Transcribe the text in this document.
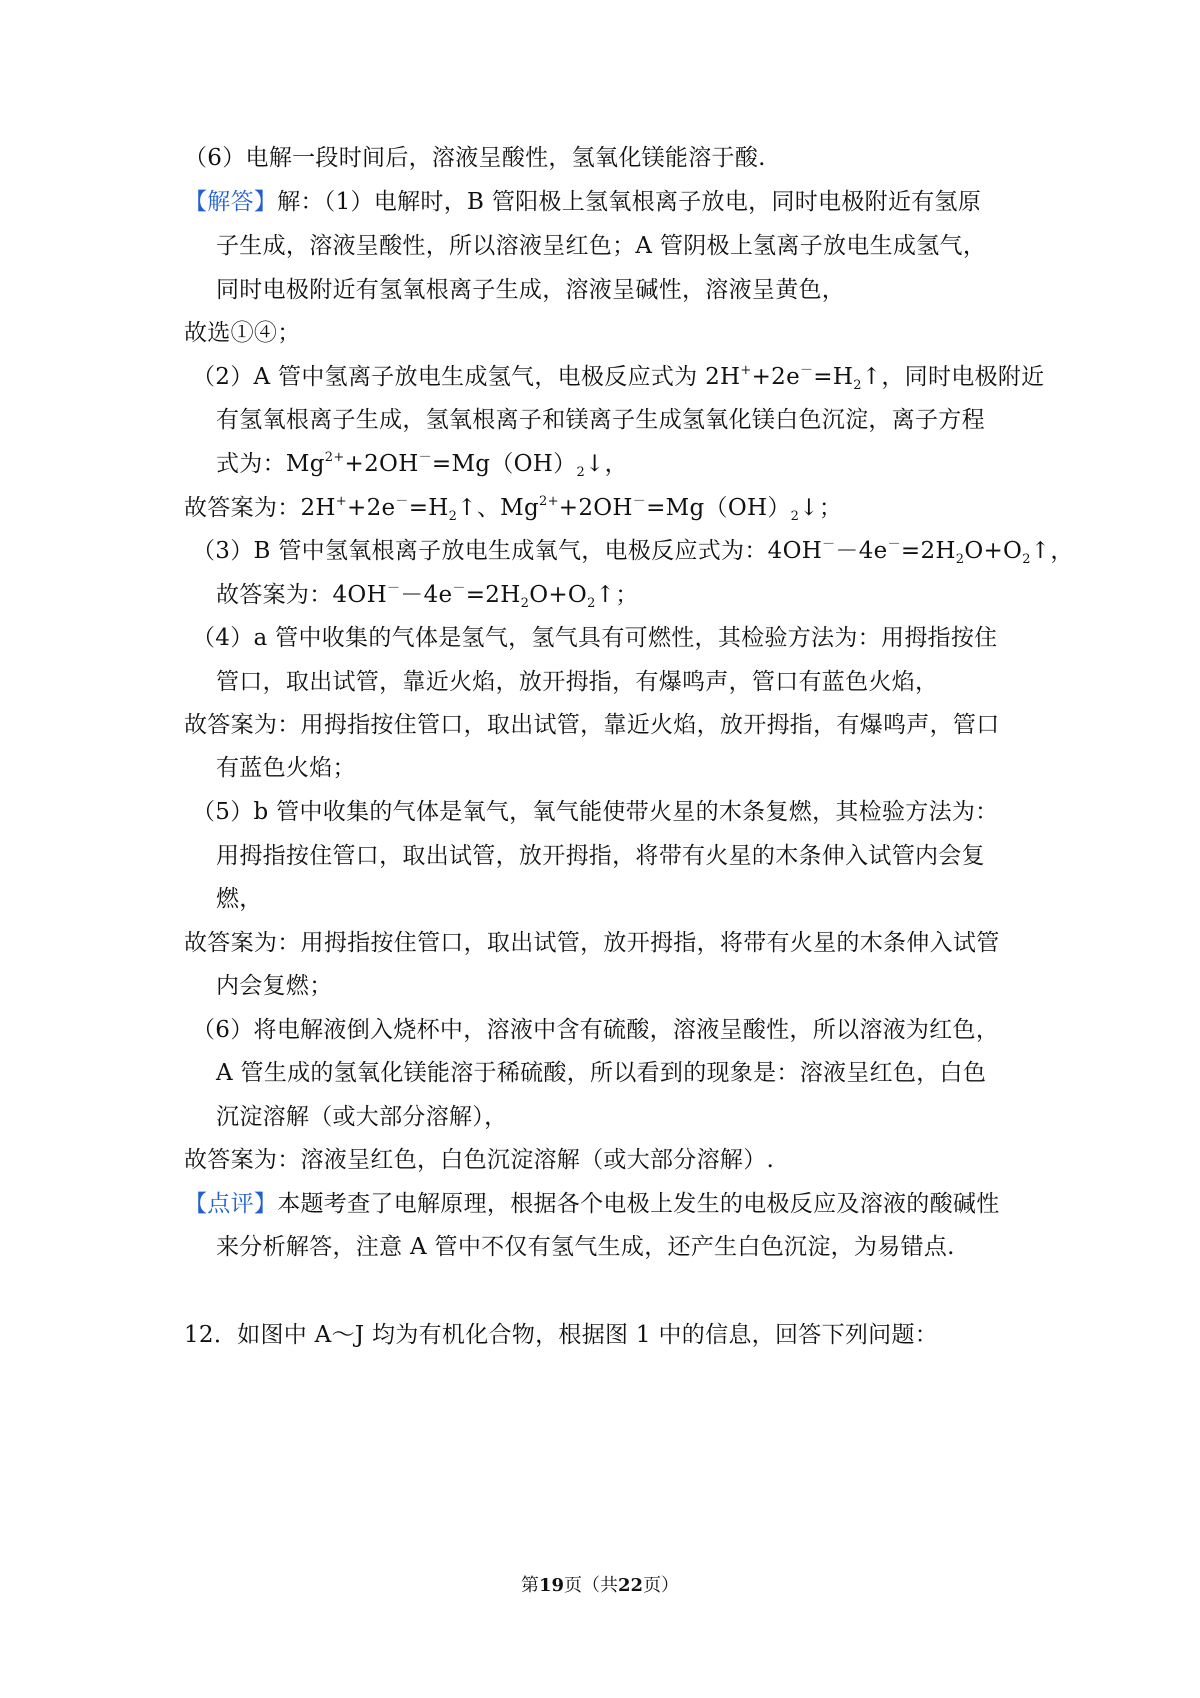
（6）电解一段时间后，溶液呈酸性，氢氧化镁能溶于酸.
【解答】解：（1）电解时，B 管阳极上氢氧根离子放电，同时电极附近有氢原
子生成，溶液呈酸性，所以溶液呈红色；A 管阴极上氢离子放电生成氢气，
同时电极附近有氢氧根离子生成，溶液呈碱性，溶液呈黄色，
故选①④；
（2）A 管中氢离子放电生成氢气，电极反应式为 $2H^++2e^-=H_2↑$，同时电极附近
有氢氧根离子生成，氢氧根离子和镁离子生成氢氧化镁白色沉淀，离子方程
式为：$Mg^{2+}+2OH^-=Mg(OH)_2↓$，
故答案为：$2H^++2e^-=H_2↑$、$Mg^{2+}+2OH^-=Mg(OH)_2↓$；
（3）B 管中氢氧根离子放电生成氧气，电极反应式为：$4OH^--4e^-=2H_2O+O_2↑$，
故答案为：$4OH^--4e^-=2H_2O+O_2↑$；
（4）a 管中收集的气体是氢气，氢气具有可燃性，其检验方法为：用拇指按住
管口，取出试管，靠近火焰，放开拇指，有爆鸣声，管口有蓝色火焰，
故答案为：用拇指按住管口，取出试管，靠近火焰，放开拇指，有爆鸣声，管口
有蓝色火焰；
（5）b 管中收集的气体是氧气，氧气能使带火星的木条复燃，其检验方法为：
用拇指按住管口，取出试管，放开拇指，将带有火星的木条伸入试管内会复
燃，
故答案为：用拇指按住管口，取出试管，放开拇指，将带有火星的木条伸入试管
内会复燃；
（6）将电解液倒入烧杯中，溶液中含有硫酸，溶液呈酸性，所以溶液为红色，
A 管生成的氢氧化镁能溶于稀硫酸，所以看到的现象是：溶液呈红色，白色
沉淀溶解（或大部分溶解），
故答案为：溶液呈红色，白色沉淀溶解（或大部分溶解）.
【点评】本题考查了电解原理，根据各个电极上发生的电极反应及溶液的酸碱性
来分析解答，注意 A 管中不仅有氢气生成，还产生白色沉淀，为易错点.
12．如图中 A～J 均为有机化合物，根据图 1 中的信息，回答下列问题：
第19页（共22页）
